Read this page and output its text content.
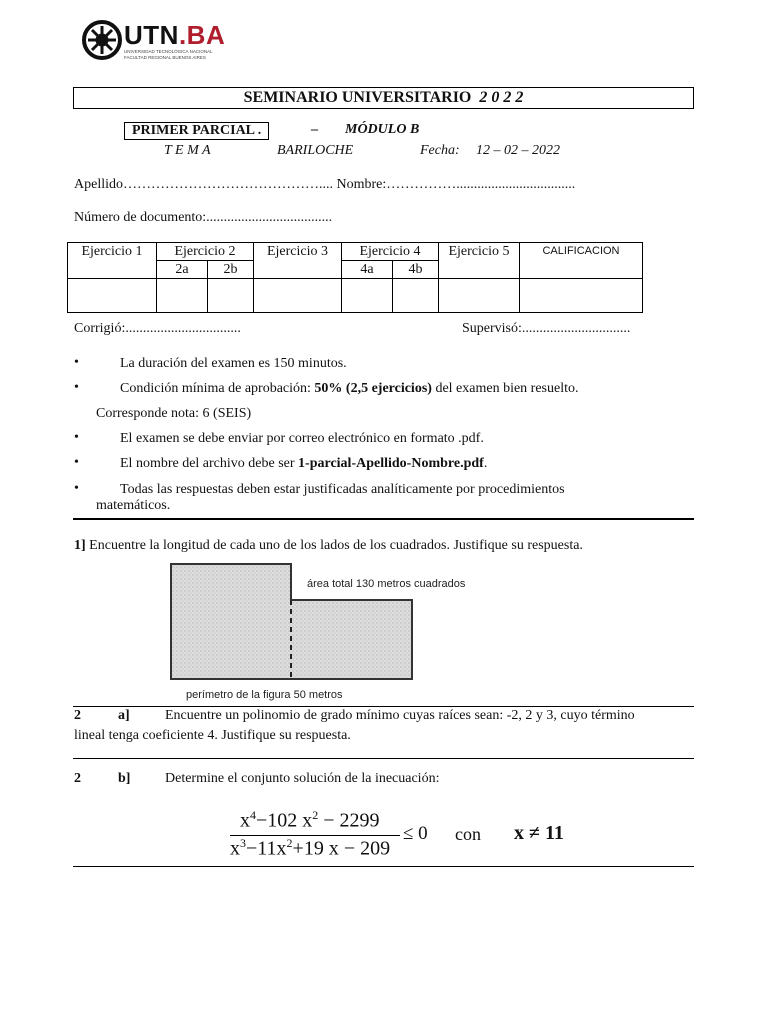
UTN.BA
UNIVERSIDAD TECNOLÓGICA NACIONAL
FACULTAD REGIONAL BUENOS AIRES
SEMINARIO UNIVERSITARIO 2 0 2 2
PRIMER PARCIAL .	– MÓDULO B
T E M A	BARILOCHE	Fecha: 12 – 02 – 2022
Apellido…………………………………….... Nombre:……………..................................
Número de documento:....................................
Ejercicio 1	Ejercicio 2		Ejercicio 3	Ejercicio 4		Ejercicio 5	CALIFICACION
	2a	2b		4a	4b		

Corrigió:.................................	Supervisó:...............................
•	La duración del examen es 150 minutos.
•	Condición mínima de aprobación: 50% (2,5 ejercicios) del examen bien resuelto.
Corresponde nota: 6 (SEIS)
•	El examen se debe enviar por correo electrónico en formato .pdf.
•	El nombre del archivo debe ser 1-parcial-Apellido-Nombre.pdf.
•	Todas las respuestas deben estar justificadas analíticamente por procedimientos
matemáticos.
1] Encuentre la longitud de cada uno de los lados de los cuadrados. Justifique su respuesta.
área total 130 metros cuadrados
perímetro de la figura 50 metros
2	a]	Encuentre un polinomio de grado mínimo cuyas raíces sean: -2, 2 y 3, cuyo término
lineal tenga coeficiente 4. Justifique su respuesta.
2	b] Determine el conjunto solución de la inecuación:
$x^4-102$ $x^2 - 2299$
$x^3-11x^2+19$ x − 209
≤ 0 con x ≠ 11
